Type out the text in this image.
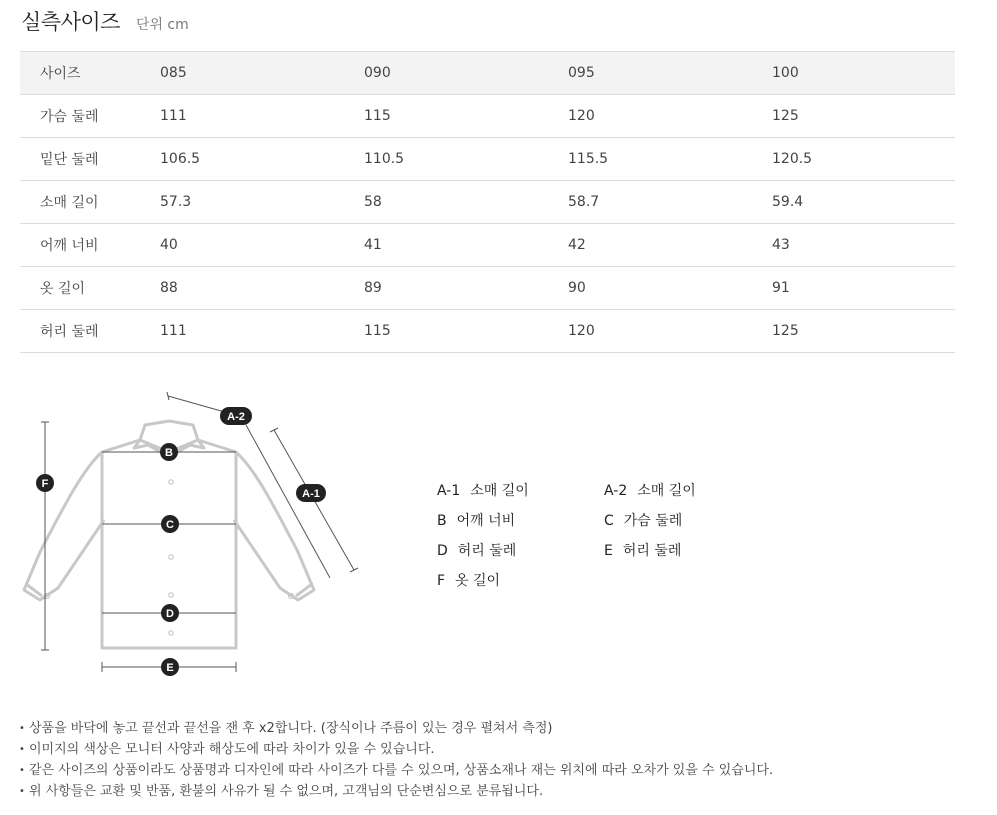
실측사이즈 단위 cm
사이즈	085	090	095	100
가슴 둘레	111	115	120	125
밑단 둘레	106.5	110.5	115.5	120.5
소매 길이	57.3	58	58.7	59.4
어깨 너비	40	41	42	43
옷 길이	88	89	90	91
허리 둘레	111	115	120	125
A-2
A-1
B
C
D
E
F	A-1 소매 길이	A-2 소매 길이
B 어깨 너비	C 가슴 둘레
D 허리 둘레	E 허리 둘레
F 옷 길이
• 상품을 바닥에 놓고 끝선과 끝선을 잰 후 x2합니다. (장식이나 주름이 있는 경우 펼쳐서 측정)
• 이미지의 색상은 모니터 사양과 해상도에 따라 차이가 있을 수 있습니다.
• 같은 사이즈의 상품이라도 상품명과 디자인에 따라 사이즈가 다를 수 있으며, 상품소재나 재는 위치에 따라 오차가 있을 수 있습니다.
• 위 사항들은 교환 및 반품, 환불의 사유가 될 수 없으며, 고객님의 단순변심으로 분류됩니다.
